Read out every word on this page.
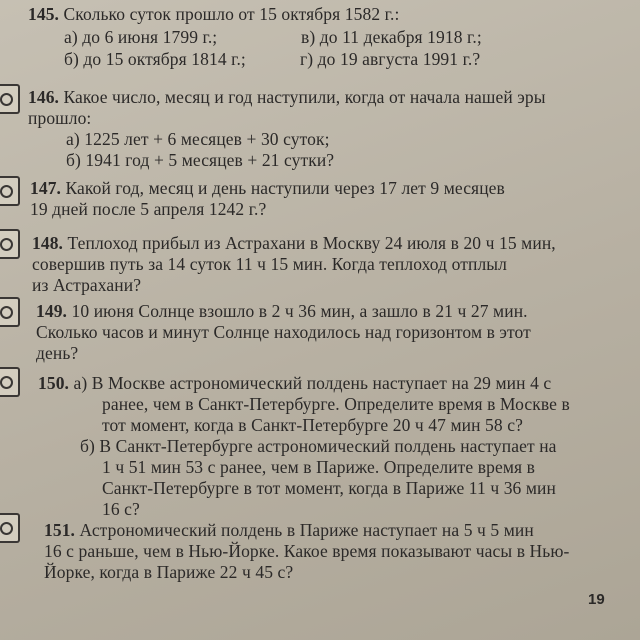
145. Сколько суток прошло от 15 октября 1582 г.:
а) до 6 июня 1799 г.;	в) до 11 декабря 1918 г.;
б) до 15 октября 1814 г.;	г) до 19 августа 1991 г.?
146. Какое число, месяц и год наступили, когда от начала нашей эры
прошло:
а) 1225 лет + 6 месяцев + 30 суток;
б) 1941 год + 5 месяцев + 21 сутки?
147. Какой год, месяц и день наступили через 17 лет 9 месяцев
19 дней после 5 апреля 1242 г.?
148. Теплоход прибыл из Астрахани в Москву 24 июля в 20 ч 15 мин,
совершив путь за 14 суток 11 ч 15 мин. Когда теплоход отплыл
из Астрахани?
149. 10 июня Солнце взошло в 2 ч 36 мин, а зашло в 21 ч 27 мин.
Сколько часов и минут Солнце находилось над горизонтом в этот
день?
150. а) В Москве астрономический полдень наступает на 29 мин 4 с
ранее, чем в Санкт-Петербурге. Определите время в Москве в
тот момент, когда в Санкт-Петербурге 20 ч 47 мин 58 с?
б) В Санкт-Петербурге астрономический полдень наступает на
1 ч 51 мин 53 с ранее, чем в Париже. Определите время в
Санкт-Петербурге в тот момент, когда в Париже 11 ч 36 мин
16 с?
151. Астрономический полдень в Париже наступает на 5 ч 5 мин
16 с раньше, чем в Нью-Йорке. Какое время показывают часы в Нью-
Йорке, когда в Париже 22 ч 45 с?
19
